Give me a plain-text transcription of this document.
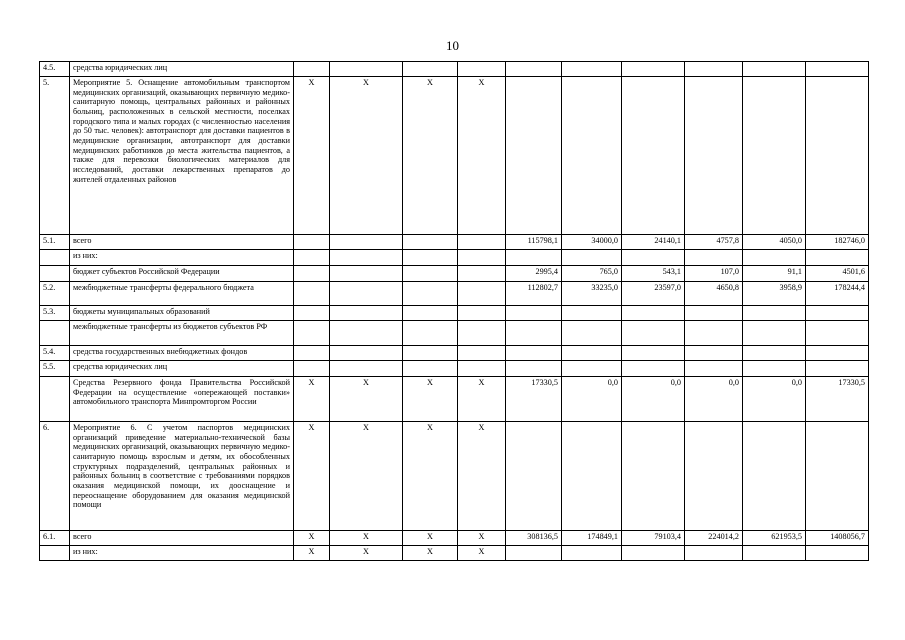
10
4.5.	средства юридических лиц										
5.	Мероприятие 5. Оснащение автомобильным транспортом медицинских организаций, оказывающих первичную медико-санитарную помощь, центральных районных и районных больниц, расположенных в сельской местности, поселках городского типа и малых городах (с численностью населения до 50 тыс. человек): автотранспорт для доставки пациентов в медицинские организации, автотранспорт для доставки медицинских работников до места жительства пациентов, а также для перевозки биологических материалов для исследований, доставки лекарственных препаратов до жителей отдаленных районов	X	X	X	X						
5.1.	всего					115798,1	34000,0	24140,1	4757,8	4050,0	182746,0
	из них:										
	бюджет субъектов Российской Федерации					2995,4	765,0	543,1	107,0	91,1	4501,6
5.2.	межбюджетные трансферты федерального бюджета					112802,7	33235,0	23597,0	4650,8	3958,9	178244,4
5.3.	бюджеты муниципальных образований										
	межбюджетные трансферты из бюджетов субъектов РФ										
5.4.	средства государственных внебюджетных фондов										
5.5.	средства юридических лиц										
	Средства Резервного фонда Правительства Российской Федерации на осуществление «опережающей поставки» автомобильного транспорта Минпромторгом России	X	X	X	X	17330,5	0,0	0,0	0,0	0,0	17330,5
6.	Мероприятие 6. С учетом паспортов медицинских организаций приведение материально-технической базы медицинских организаций, оказывающих первичную медико-санитарную помощь взрослым и детям, их обособленных структурных подразделений, центральных районных и районных больниц в соответствие с требованиями порядков оказания медицинской помощи, их дооснащение и переоснащение оборудованием для оказания медицинской помощи	X	X	X	X						
6.1.	всего	X	X	X	X	308136,5	174849,1	79103,4	224014,2	621953,5	1408056,7
	из них:	X	X	X	X						
